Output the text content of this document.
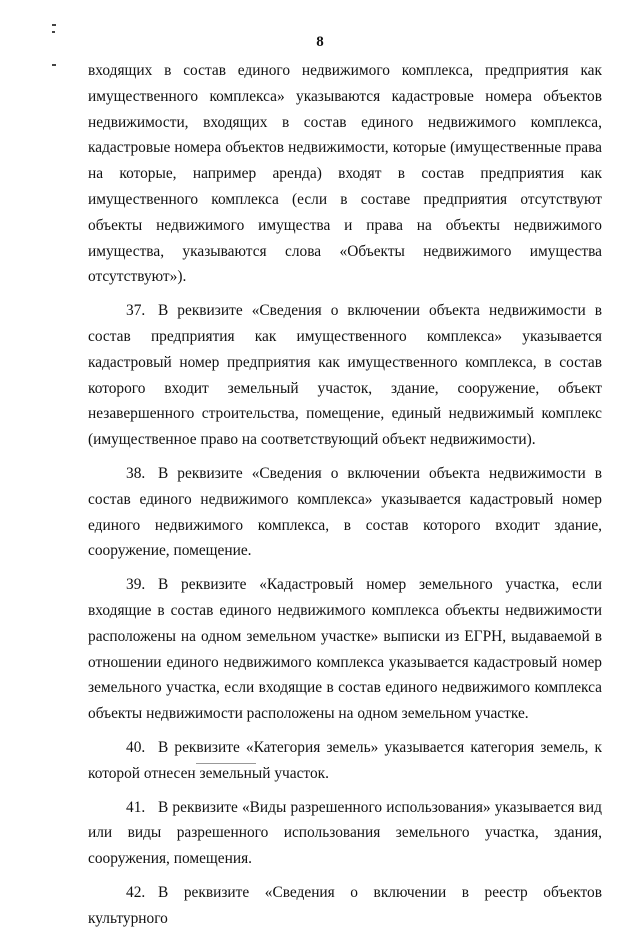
8

входящих в состав единого недвижимого комплекса, предприятия как имущественного комплекса» указываются кадастровые номера объектов недвижимости, входящих в состав единого недвижимого комплекса, кадастровые номера объектов недвижимости, которые (имущественные права на которые, например аренда) входят в состав предприятия как имущественного комплекса (если в составе предприятия отсутствуют объекты недвижимого имущества и права на объекты недвижимого имущества, указываются слова «Объекты недвижимого имущества отсутствуют»).

37. В реквизите «Сведения о включении объекта недвижимости в состав предприятия как имущественного комплекса» указывается кадастровый номер предприятия как имущественного комплекса, в состав которого входит земельный участок, здание, сооружение, объект незавершенного строительства, помещение, единый недвижимый комплекс (имущественное право на соответствующий объект недвижимости).

38. В реквизите «Сведения о включении объекта недвижимости в состав единого недвижимого комплекса» указывается кадастровый номер единого недвижимого комплекса, в состав которого входит здание, сооружение, помещение.

39. В реквизите «Кадастровый номер земельного участка, если входящие в состав единого недвижимого комплекса объекты недвижимости расположены на одном земельном участке» выписки из ЕГРН, выдаваемой в отношении единого недвижимого комплекса указывается кадастровый номер земельного участка, если входящие в состав единого недвижимого комплекса объекты недвижимости расположены на одном земельном участке.

40. В реквизите «Категория земель» указывается категория земель, к которой отнесен земельный участок.

41. В реквизите «Виды разрешенного использования» указывается вид или виды разрешенного использования земельного участка, здания, сооружения, помещения.

42. В реквизите «Сведения о включении в реестр объектов культурного
